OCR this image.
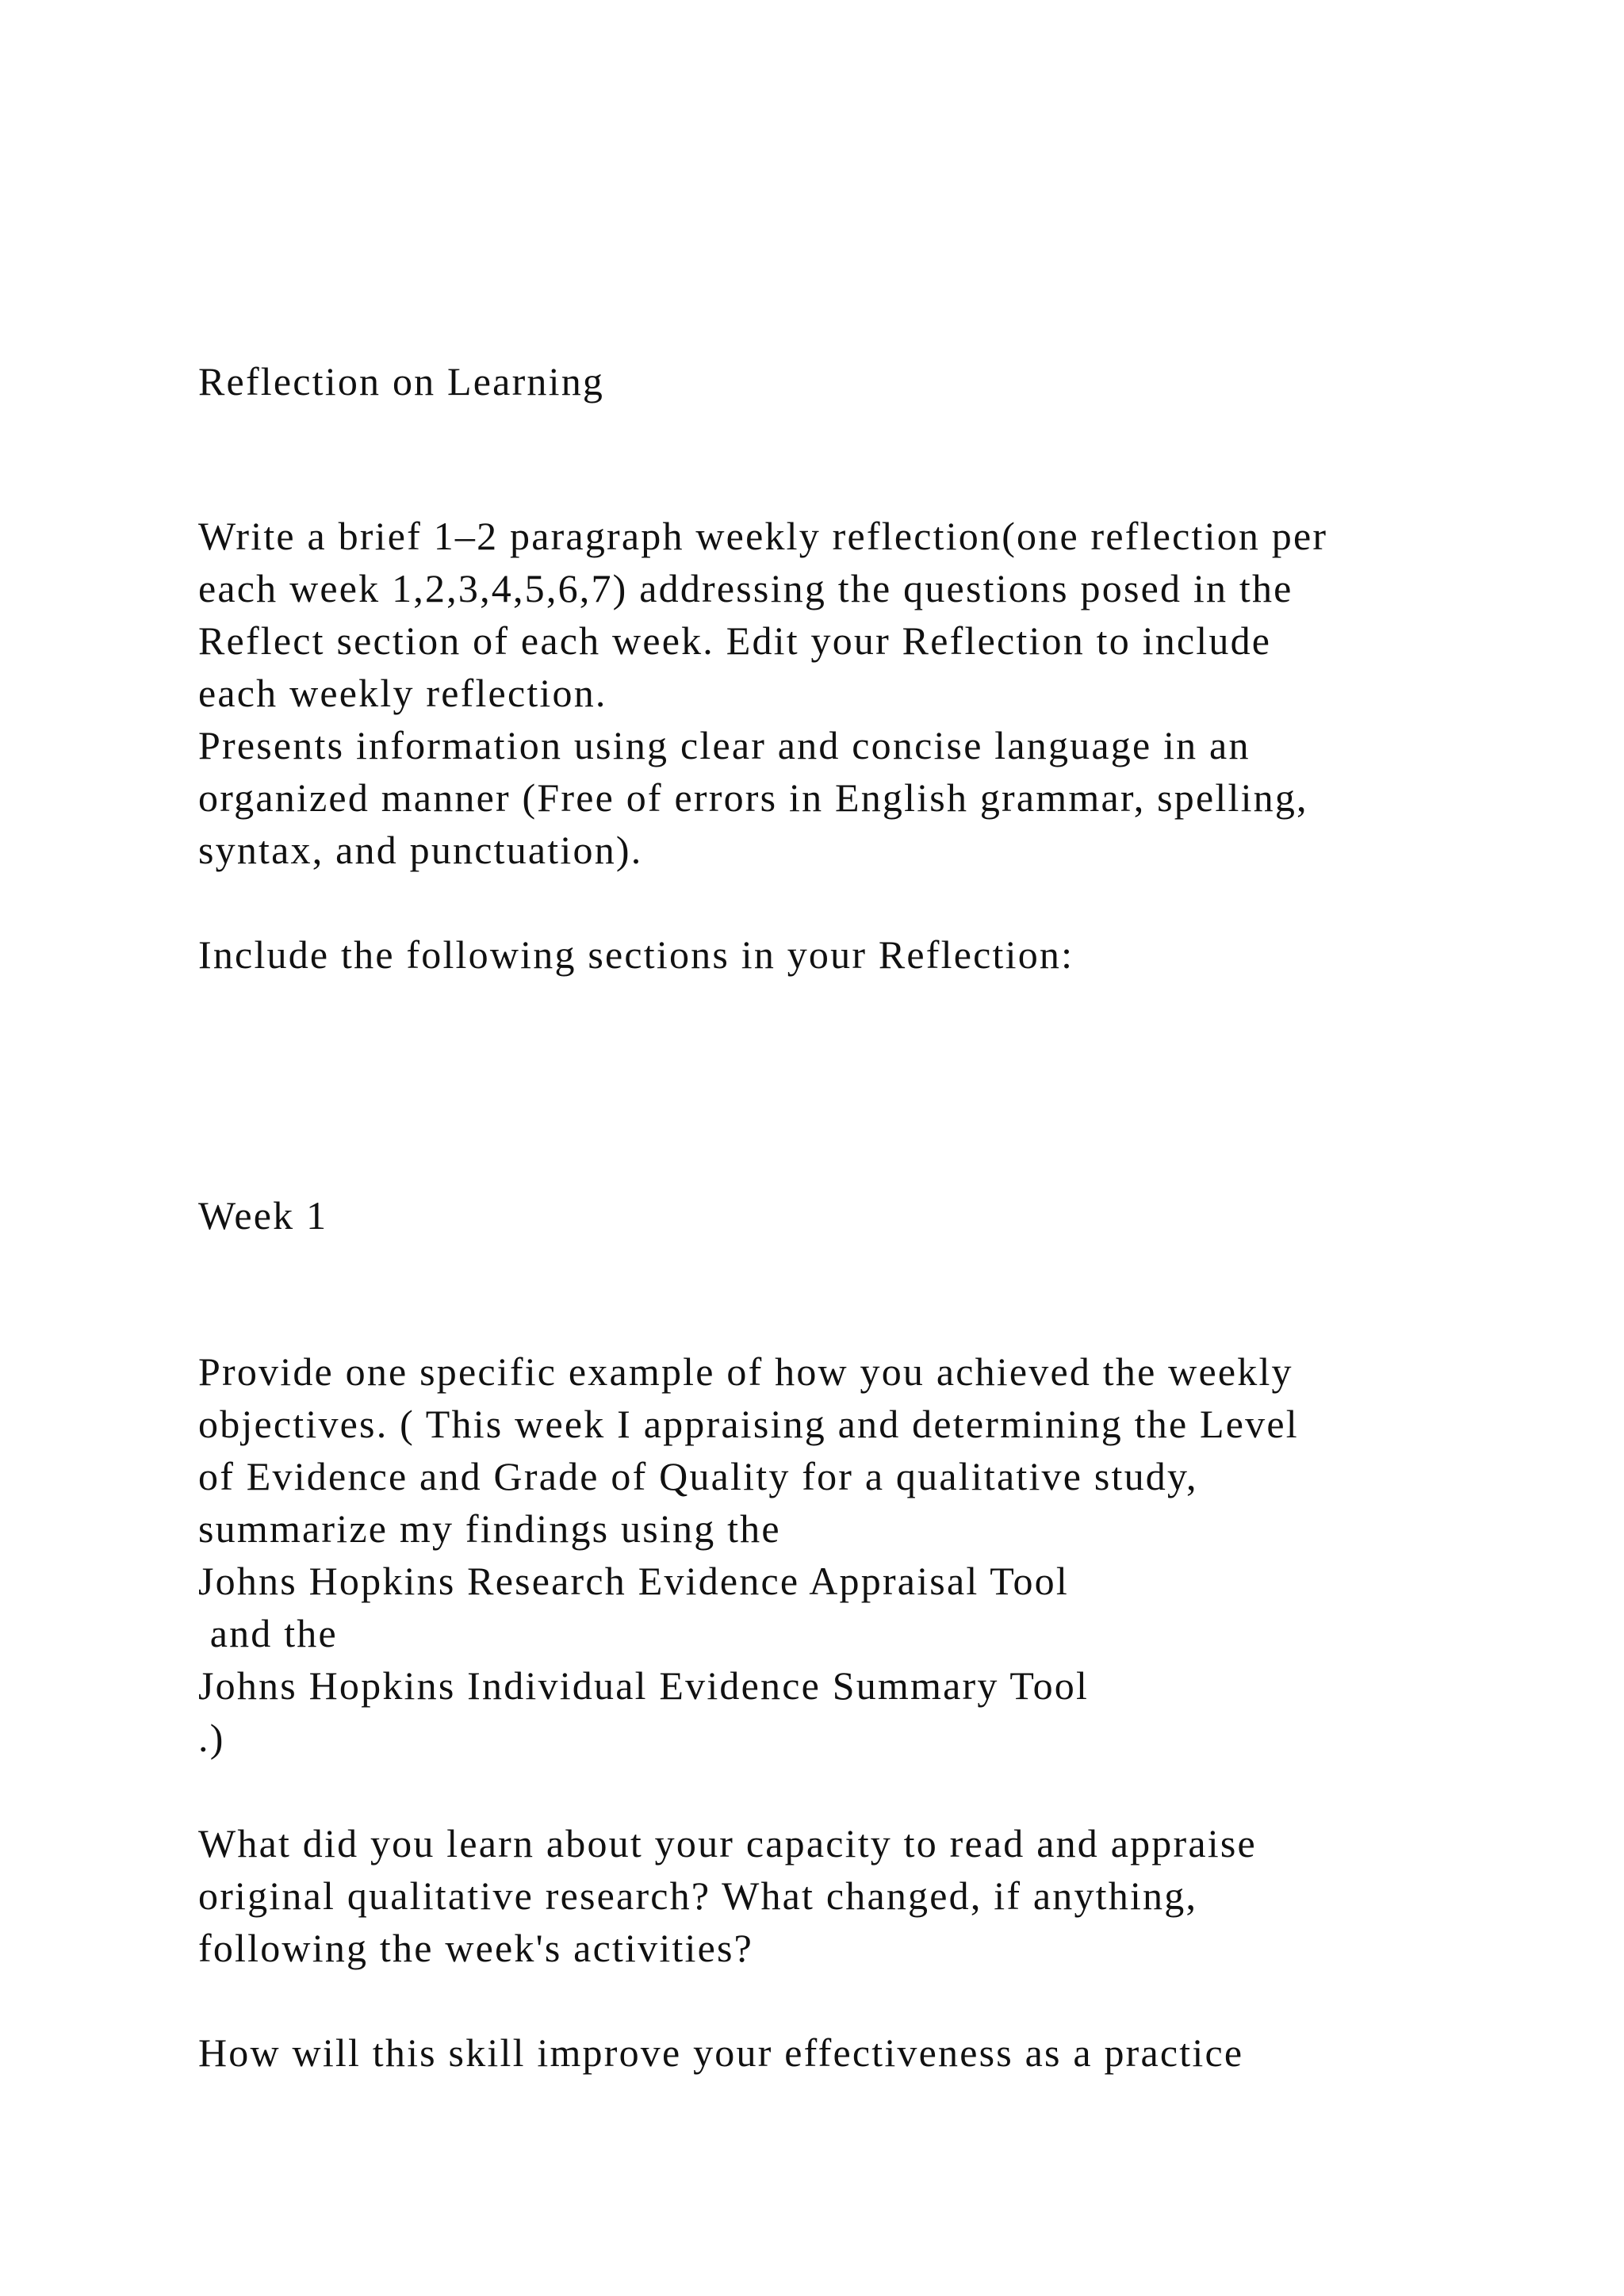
Reflection on Learning

Write a brief 1–2 paragraph weekly reflection(one reflection per
each week 1,2,3,4,5,6,7) addressing the questions posed in the
Reflect section of each week. Edit your Reflection to include
each weekly reflection.
Presents information using clear and concise language in an
organized manner (Free of errors in English grammar, spelling,
syntax, and punctuation).

Include the following sections in your Reflection:

Week 1

Provide one specific example of how you achieved the weekly
objectives. ( This week I appraising and determining the Level
of Evidence and Grade of Quality for a qualitative study,
summarize my findings using the
Johns Hopkins Research Evidence Appraisal Tool
and the
Johns Hopkins Individual Evidence Summary Tool
.)

What did you learn about your capacity to read and appraise
original qualitative research? What changed, if anything,
following the week's activities?

How will this skill improve your effectiveness as a practice
